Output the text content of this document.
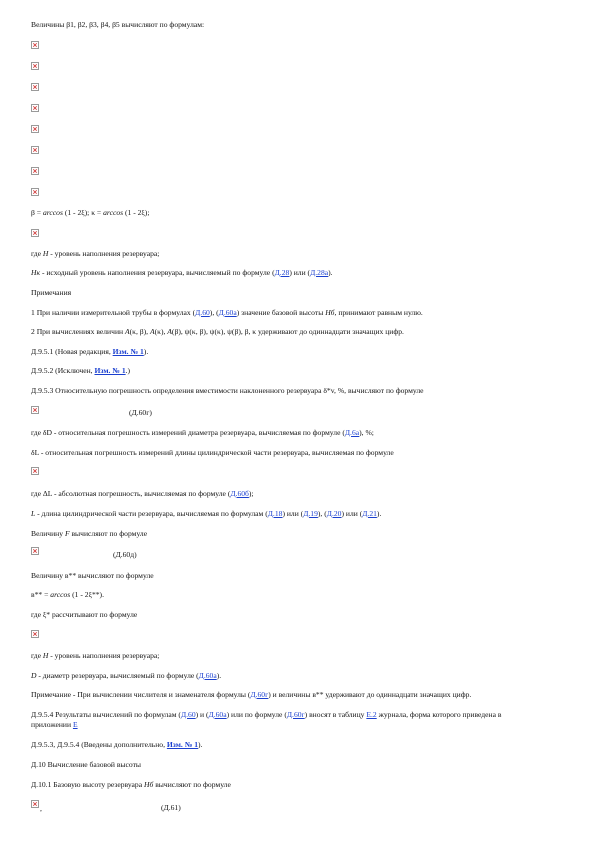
Величины β1, β2, β3, β4, β5 вычисляют по формулам:
β = arccos (1 - 2ξ); κ = arccos (1 - 2ξ);
где H - уровень наполнения резервуара;
Hк - исходный уровень наполнения резервуара, вычисляемый по формуле (Д.28) или (Д.28а).
Примечания
1 При наличии измерительной трубы в формулах (Д.60), (Д.60а) значение базовой высоты Hб, принимают равным нулю.
2 При вычислениях величин A(κ, β), A(κ), A(β), ψ(κ, β), ψ(κ), ψ(β), β, κ удерживают до одиннадцати значащих цифр.
Д.9.5.1 (Новая редакция, Изм. № 1).
Д.9.5.2 (Исключен, Изм. № 1.)
Д.9.5.3 Относительную погрешность определения вместимости наклоненного резервуара δ*v, %, вычисляют по формуле
(Д.60г)
где δD - относительная погрешность измерений диаметра резервуара, вычисляемая по формуле (Д.6а), %;
δL - относительная погрешность измерений длины цилиндрической части резервуара, вычисляемая по формуле
где ΔL - абсолютная погрешность, вычисляемая по формуле (Д.60б);
L - длина цилиндрической части резервуара, вычисляемая по формулам (Д.18) или (Д.19), (Д.20) или (Д.21).
Величину F вычисляют по формуле
(Д.60д)
Величину в** вычисляют по формуле
в** = arccos (1 - 2ξ**).
где ξ* рассчитывают по формуле
где H - уровень наполнения резервуара;
D - диаметр резервуара, вычисляемый по формуле (Д.60а).
Примечание - При вычислении числителя и знаменателя формулы (Д.60г) и величины в** удерживают до одиннадцати значащих цифр.
Д.9.5.4 Результаты вычислений по формулам (Д.60) и (Д.60а) или по формуле (Д.60г) вносят в таблицу Е.2 журнала, форма которого приведена в приложении Е
Д.9.5.3, Д.9.5.4 (Введены дополнительно, Изм. № 1).
Д.10 Вычисление базовой высоты
Д.10.1 Базовую высоту резервуара Hб вычисляют по формуле
,	(Д.61)
